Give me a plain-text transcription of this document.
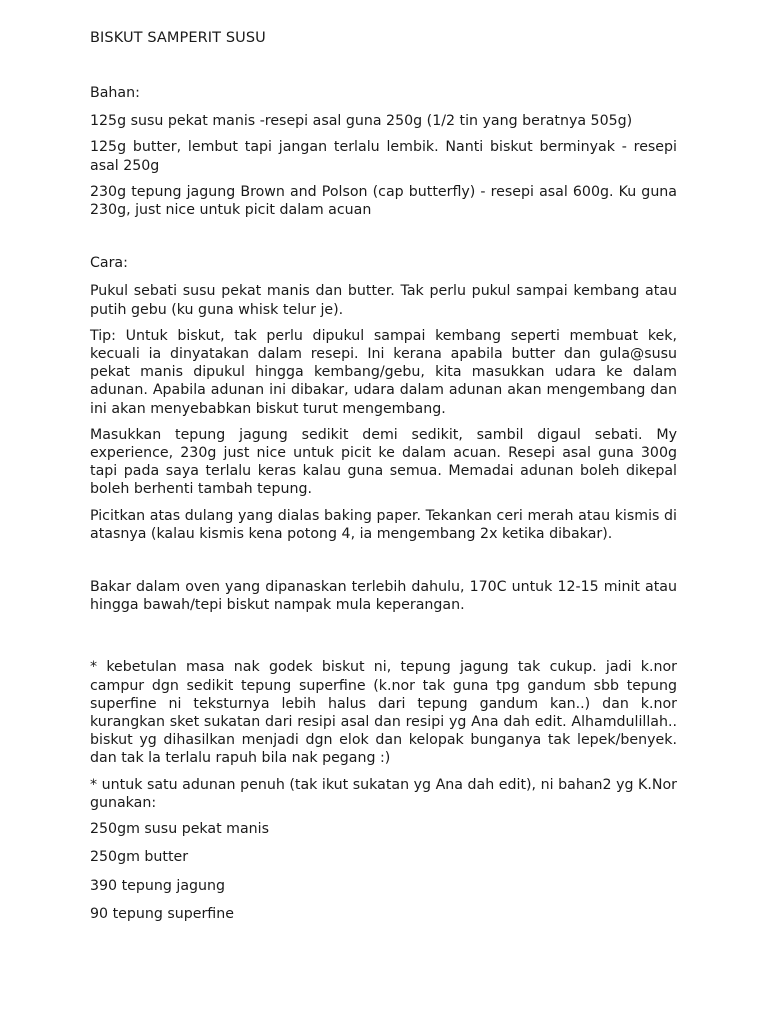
BISKUT SAMPERIT SUSU

Bahan:

125g susu pekat manis -resepi asal guna 250g (1/2 tin yang beratnya 505g)

125g butter, lembut tapi jangan terlalu lembik. Nanti biskut berminyak - resepi asal 250g

230g tepung jagung Brown and Polson (cap butterfly) - resepi asal 600g. Ku guna 230g, just nice untuk picit dalam acuan

Cara:

Pukul sebati susu pekat manis dan butter. Tak perlu pukul sampai kembang atau putih gebu (ku guna whisk telur je).

Tip: Untuk biskut, tak perlu dipukul sampai kembang seperti membuat kek, kecuali ia dinyatakan dalam resepi. Ini kerana apabila butter dan gula@susu pekat manis dipukul hingga kembang/gebu, kita masukkan udara ke dalam adunan. Apabila adunan ini dibakar, udara dalam adunan akan mengembang dan ini akan menyebabkan biskut turut mengembang.

Masukkan tepung jagung sedikit demi sedikit, sambil digaul sebati. My experience, 230g just nice untuk picit ke dalam acuan. Resepi asal guna 300g tapi pada saya terlalu keras kalau guna semua. Memadai adunan boleh dikepal boleh berhenti tambah tepung.

Picitkan atas dulang yang dialas baking paper. Tekankan ceri merah atau kismis di atasnya (kalau kismis kena potong 4, ia mengembang 2x ketika dibakar).

Bakar dalam oven yang dipanaskan terlebih dahulu, 170C untuk 12-15 minit atau hingga bawah/tepi biskut nampak mula keperangan.

* kebetulan masa nak godek biskut ni, tepung jagung tak cukup. jadi k.nor campur dgn sedikit tepung superfine (k.nor tak guna tpg gandum sbb tepung superfine ni teksturnya lebih halus dari tepung gandum kan..) dan k.nor kurangkan sket sukatan dari resipi asal dan resipi yg Ana dah edit. Alhamdulillah.. biskut yg dihasilkan menjadi dgn elok dan kelopak bunganya tak lepek/benyek. dan tak la terlalu rapuh bila nak pegang :)

* untuk satu adunan penuh (tak ikut sukatan yg Ana dah edit), ni bahan2 yg K.Nor gunakan:

250gm susu pekat manis

250gm butter

390 tepung jagung

90 tepung superfine
